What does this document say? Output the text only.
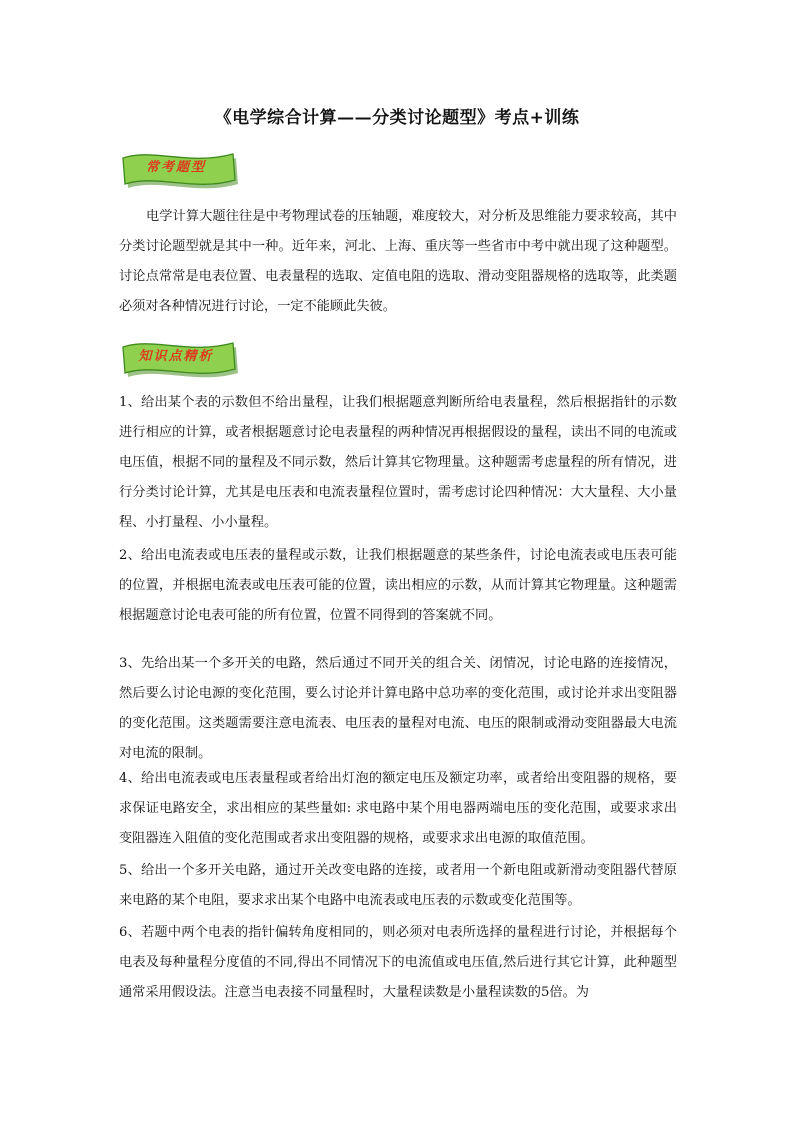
《电学综合计算——分类讨论题型》考点+训练
常考题型

电学计算大题往往是中考物理试卷的压轴题，难度较大，对分析及思维能力要求较高，其中分类讨论题型就是其中一种。近年来，河北、上海、重庆等一些省市中考中就出现了这种题型。讨论点常常是电表位置、电表量程的选取、定值电阻的选取、滑动变阻器规格的选取等，此类题必须对各种情况进行讨论，一定不能顾此失彼。

知识点精析

1、给出某个表的示数但不给出量程，让我们根据题意判断所给电表量程，然后根据指针的示数进行相应的计算，或者根据题意讨论电表量程的两种情况再根据假设的量程，读出不同的电流或电压值，根据不同的量程及不同示数，然后计算其它物理量。这种题需考虑量程的所有情况，进行分类讨论计算，尤其是电压表和电流表量程位置时，需考虑讨论四种情况：大大量程、大小量程、小打量程、小小量程。

2、给出电流表或电压表的量程或示数，让我们根据题意的某些条件，讨论电流表或电压表可能的位置，并根据电流表或电压表可能的位置，读出相应的示数，从而计算其它物理量。这种题需根据题意讨论电表可能的所有位置，位置不同得到的答案就不同。

3、先给出某一个多开关的电路，然后通过不同开关的组合关、闭情况，讨论电路的连接情况，然后要么讨论电源的变化范围，要么讨论并计算电路中总功率的变化范围，或讨论并求出变阻器的变化范围。这类题需要注意电流表、电压表的量程对电流、电压的限制或滑动变阻器最大电流对电流的限制。

4、给出电流表或电压表量程或者给出灯泡的额定电压及额定功率，或者给出变阻器的规格，要求保证电路安全，求出相应的某些量如: 求电路中某个用电器两端电压的变化范围，或要求求出变阻器连入阻值的变化范围或者求出变阻器的规格，或要求求出电源的取值范围。

5、给出一个多开关电路，通过开关改变电路的连接，或者用一个新电阻或新滑动变阻器代替原来电路的某个电阻，要求求出某个电路中电流表或电压表的示数或变化范围等。

6、若题中两个电表的指针偏转角度相同的，则必须对电表所选择的量程进行讨论，并根据每个电表及每种量程分度值的不同,得出不同情况下的电流值或电压值,然后进行其它计算，此种题型通常采用假设法。注意当电表接不同量程时，大量程读数是小量程读数的5倍。为
